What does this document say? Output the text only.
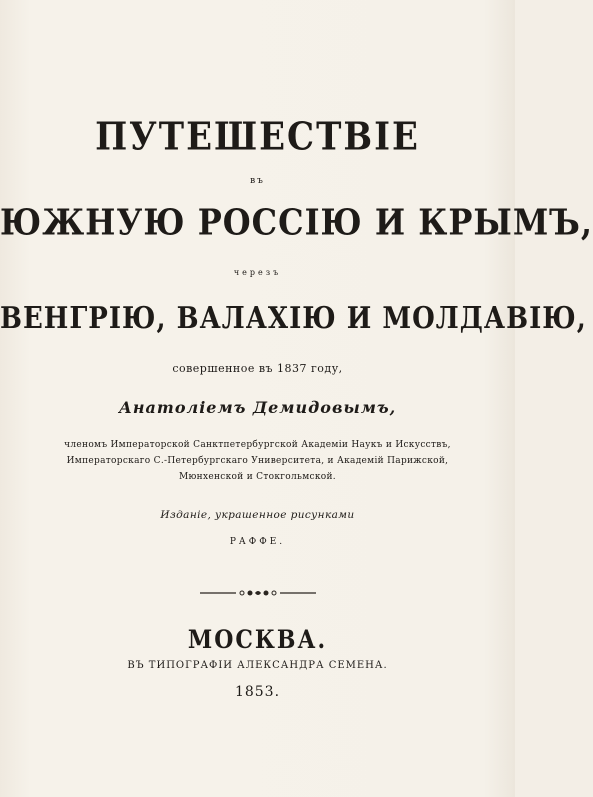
ПУТЕШЕСТВІЕ
въ
ЮЖНУЮ РОССІЮ И КРЫМЪ,
черезъ
ВЕНГРІЮ, ВАЛАХІЮ И МОЛДАВІЮ,
совершенное въ 1837 году,
Анатоліемъ Демидовымъ,
членомъ Императорской Санктпетербургской Академіи Наукъ и Искусствъ,
Императорскаго С.-Петербургскаго Университета, и Академій Парижской,
Мюнхенской и Стокгольмской.
Изданіе, украшенное рисунками
РАФФЕ.
МОСКВА.
ВЪ ТИПОГРАФІИ АЛЕКСАНДРА СЕМЕНА.
1853.
